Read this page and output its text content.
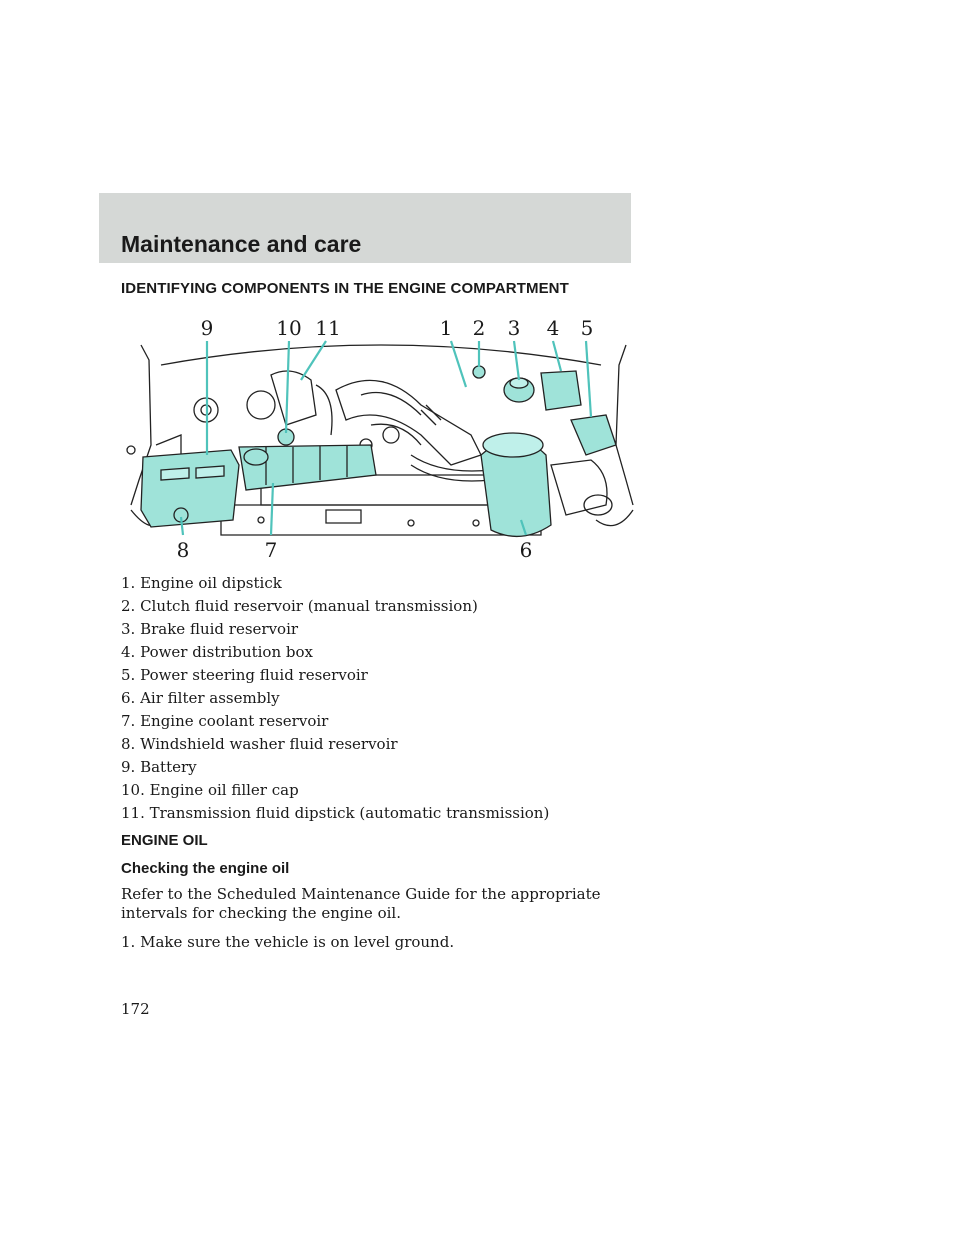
Maintenance and care
IDENTIFYING COMPONENTS IN THE ENGINE COMPARTMENT
9	10 11	1 2 3 4 5
8	7	6
1. Engine oil dipstick
2. Clutch fluid reservoir (manual transmission)
3. Brake fluid reservoir
4. Power distribution box
5. Power steering fluid reservoir
6. Air filter assembly
7. Engine coolant reservoir
8. Windshield washer fluid reservoir
9. Battery
10. Engine oil filler cap
11. Transmission fluid dipstick (automatic transmission)
ENGINE OIL
Checking the engine oil
Refer to the Scheduled Maintenance Guide for the appropriate intervals for checking the engine oil.
1. Make sure the vehicle is on level ground.
172
